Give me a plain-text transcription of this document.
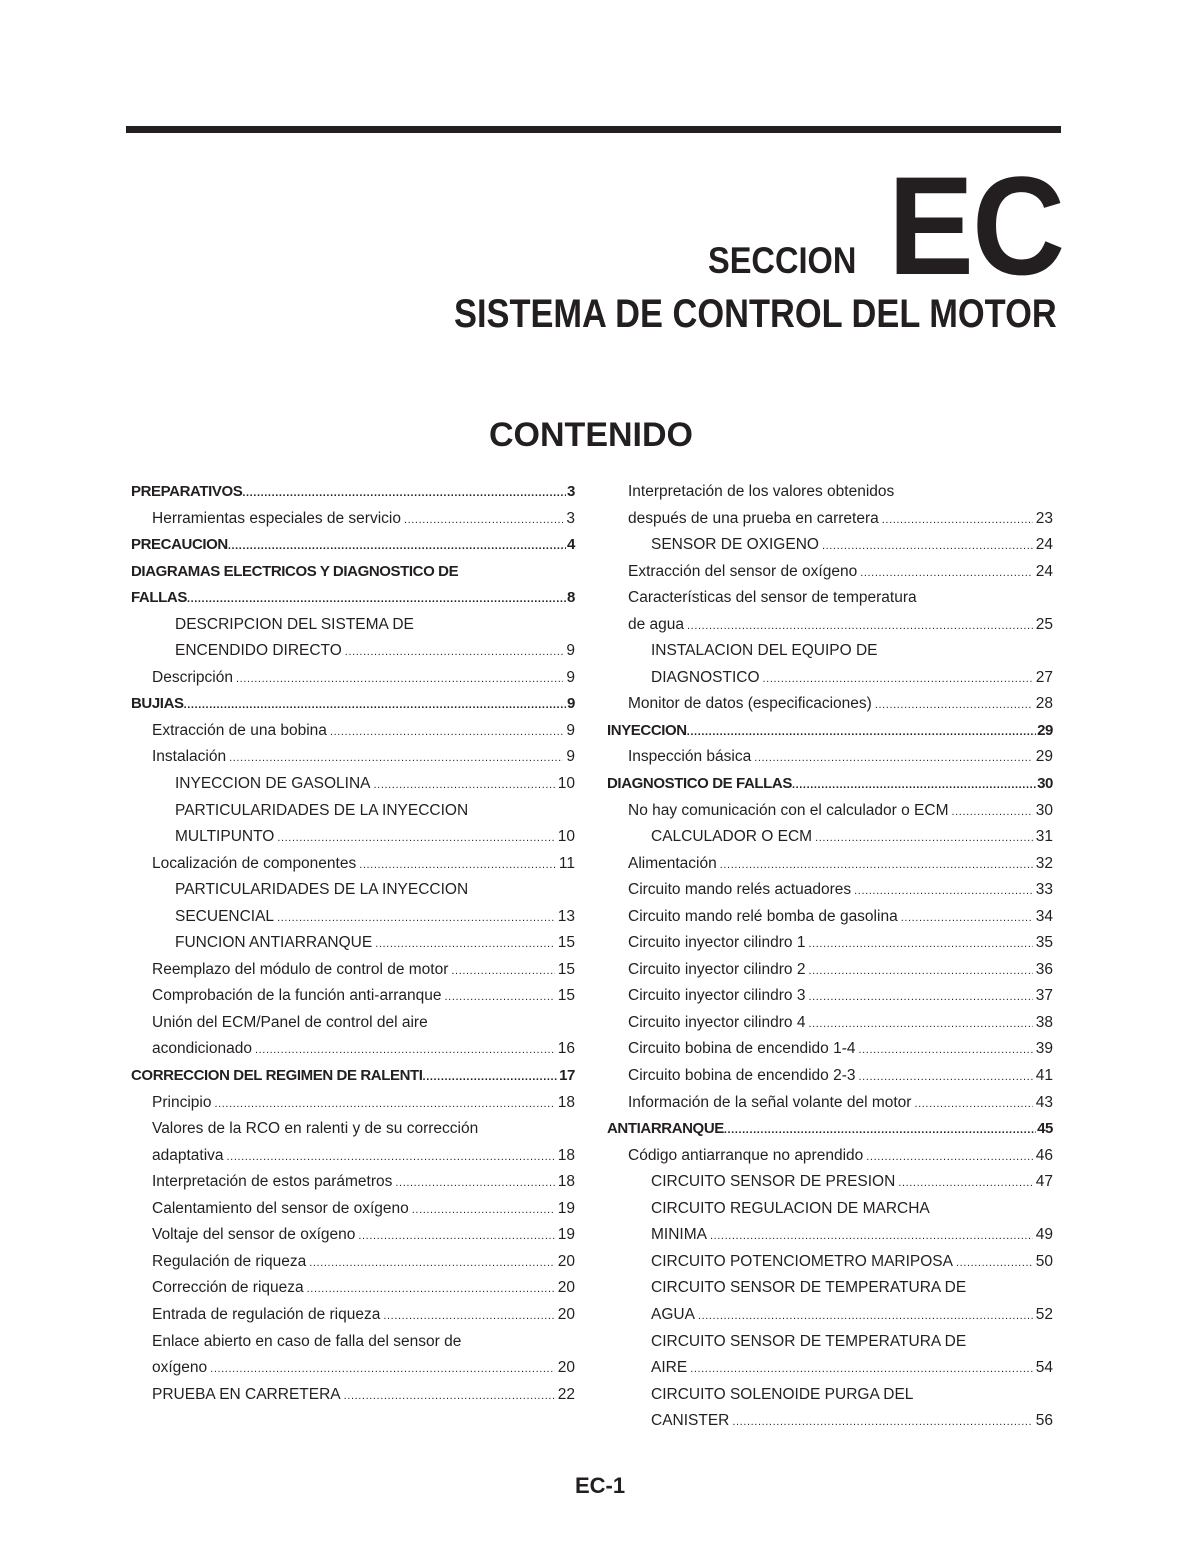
SECCION EC
SISTEMA DE CONTROL DEL MOTOR
CONTENIDO
PREPARATIVOS .....	3
Herramientas especiales de servicio .....	3
PRECAUCION .....	4
DIAGRAMAS ELECTRICOS Y DIAGNOSTICO DE
FALLAS .....	8
DESCRIPCION DEL SISTEMA DE
ENCENDIDO DIRECTO .....	9
Descripción .....	9
BUJIAS .....	9
Extracción de una bobina .....	9
Instalación .....	9
INYECCION DE GASOLINA .....	10
PARTICULARIDADES DE LA INYECCION
MULTIPUNTO .....	10
Localización de componentes .....	11
PARTICULARIDADES DE LA INYECCION
SECUENCIAL .....	13
FUNCION ANTIARRANQUE .....	15
Reemplazo del módulo de control de motor .....	15
Comprobación de la función anti-arranque .....	15
Unión del ECM/Panel de control del aire
acondicionado .....	16
CORRECCION DEL REGIMEN DE RALENTI .....	17
Principio .....	18
Valores de la RCO en ralenti y de su corrección
adaptativa .....	18
Interpretación de estos parámetros .....	18
Calentamiento del sensor de oxígeno .....	19
Voltaje del sensor de oxígeno .....	19
Regulación de riqueza .....	20
Corrección de riqueza .....	20
Entrada de regulación de riqueza .....	20
Enlace abierto en caso de falla del sensor de
oxígeno .....	20
PRUEBA EN CARRETERA .....	22
Interpretación de los valores obtenidos
después de una prueba en carretera .....	23
SENSOR DE OXIGENO .....	24
Extracción del sensor de oxígeno .....	24
Características del sensor de temperatura
de agua .....	25
INSTALACION DEL EQUIPO DE
DIAGNOSTICO .....	27
Monitor de datos (especificaciones) .....	28
INYECCION .....	29
Inspección básica .....	29
DIAGNOSTICO DE FALLAS .....	30
No hay comunicación con el calculador o ECM .....	30
CALCULADOR O ECM .....	31
Alimentación .....	32
Circuito mando relés actuadores .....	33
Circuito mando relé bomba de gasolina .....	34
Circuito inyector cilindro 1 .....	35
Circuito inyector cilindro 2 .....	36
Circuito inyector cilindro 3 .....	37
Circuito inyector cilindro 4 .....	38
Circuito bobina de encendido 1-4 .....	39
Circuito bobina de encendido 2-3 .....	41
Información de la señal volante del motor .....	43
ANTIARRANQUE .....	45
Código antiarranque no aprendido .....	46
CIRCUITO SENSOR DE PRESION .....	47
CIRCUITO REGULACION DE MARCHA
MINIMA .....	49
CIRCUITO POTENCIOMETRO MARIPOSA .....	50
CIRCUITO SENSOR DE TEMPERATURA DE
AGUA .....	52
CIRCUITO SENSOR DE TEMPERATURA DE
AIRE .....	54
CIRCUITO SOLENOIDE PURGA DEL
CANISTER .....	56
EC-1
